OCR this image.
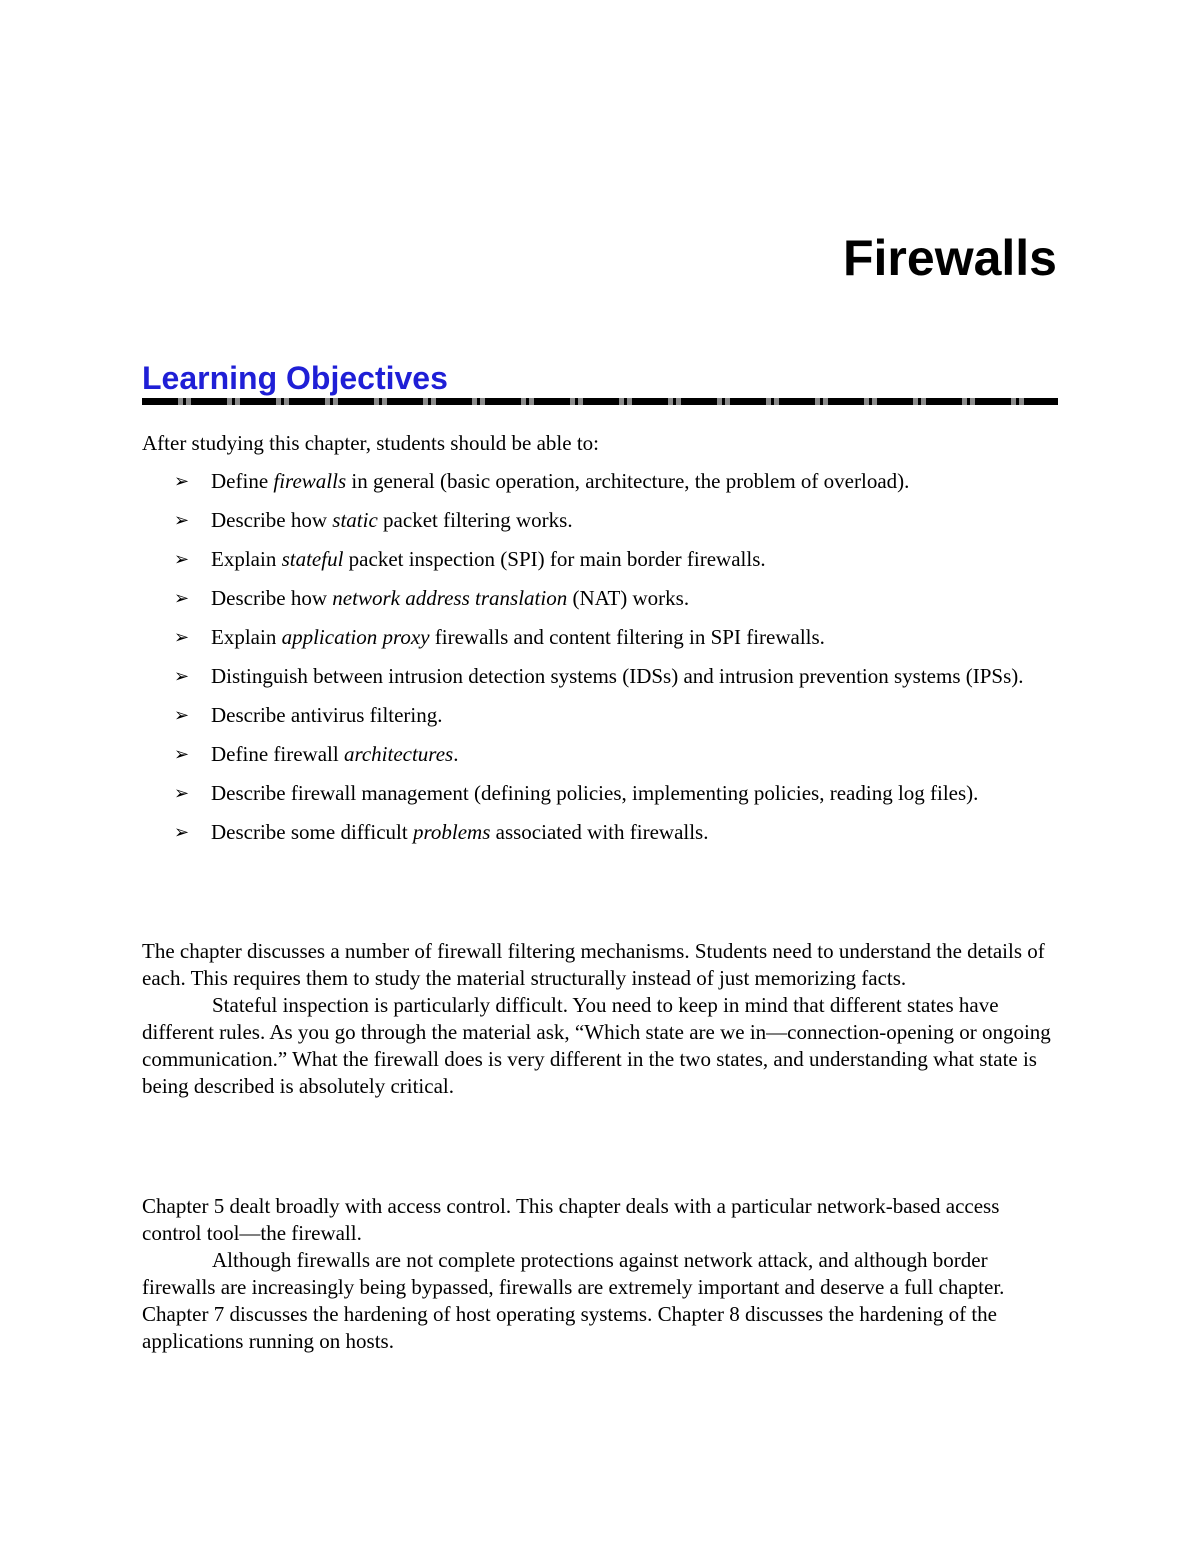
Firewalls
Learning Objectives
After studying this chapter, students should be able to:
➢ Define firewalls in general (basic operation, architecture, the problem of overload).
➢ Describe how static packet filtering works.
➢ Explain stateful packet inspection (SPI) for main border firewalls.
➢ Describe how network address translation (NAT) works.
➢ Explain application proxy firewalls and content filtering in SPI firewalls.
➢ Distinguish between intrusion detection systems (IDSs) and intrusion prevention systems (IPSs).
➢ Describe antivirus filtering.
➢ Define firewall architectures.
➢ Describe firewall management (defining policies, implementing policies, reading log files).
➢ Describe some difficult problems associated with firewalls.

The chapter discusses a number of firewall filtering mechanisms. Students need to understand the details of each. This requires them to study the material structurally instead of just memorizing facts.

Stateful inspection is particularly difficult. You need to keep in mind that different states have different rules. As you go through the material ask, “Which state are we in—connection-opening or ongoing communication.” What the firewall does is very different in the two states, and understanding what state is being described is absolutely critical.

Chapter 5 dealt broadly with access control. This chapter deals with a particular network-based access control tool—the firewall.

Although firewalls are not complete protections against network attack, and although border firewalls are increasingly being bypassed, firewalls are extremely important and deserve a full chapter. Chapter 7 discusses the hardening of host operating systems. Chapter 8 discusses the hardening of the applications running on hosts.
